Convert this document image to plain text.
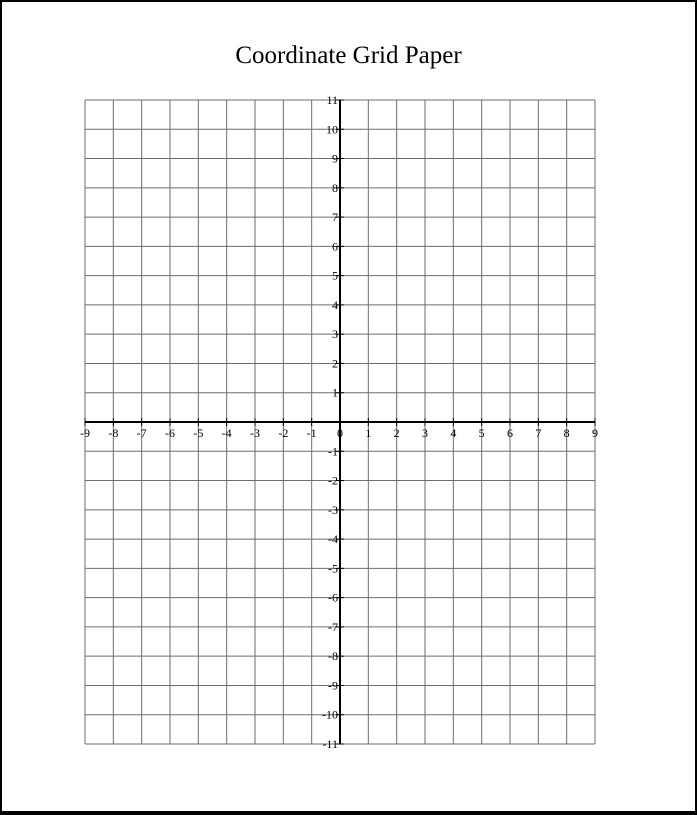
Coordinate Grid Paper
-9 -8 -7 -6 -5 -4 -3 -2 -1 0 1 2 3 4 5 6 7 8 9
11
10
9
8
7
6
5
4
3
2
1
-1
-2
-3
-4
-5
-6
-7
-8
-9
-10
-11
